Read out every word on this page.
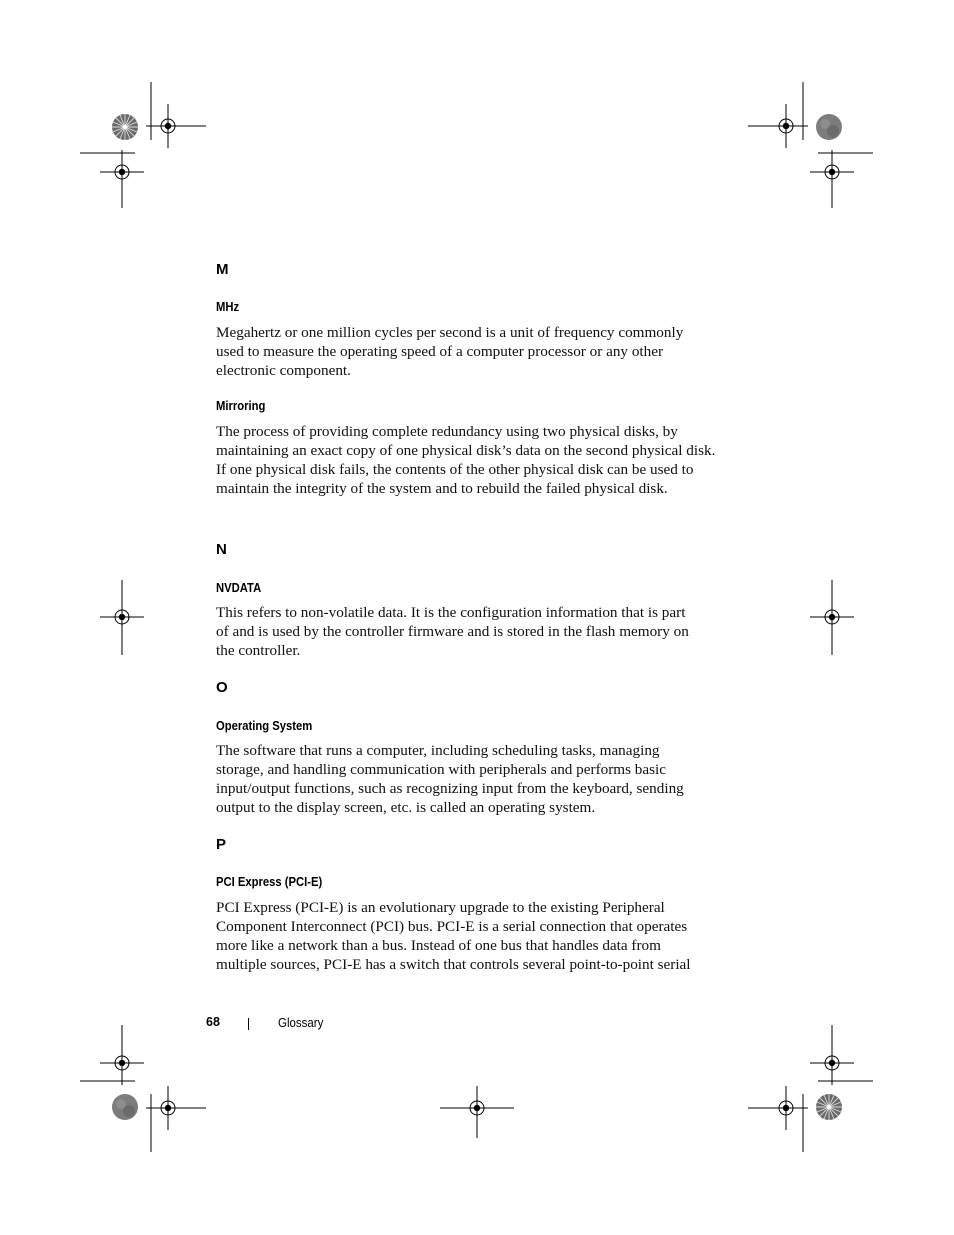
M
MHz
Megahertz or one million cycles per second is a unit of frequency commonly
used to measure the operating speed of a computer processor or any other
electronic component.
Mirroring
The process of providing complete redundancy using two physical disks, by
maintaining an exact copy of one physical disk’s data on the second physical disk.
If one physical disk fails, the contents of the other physical disk can be used to
maintain the integrity of the system and to rebuild the failed physical disk.
N
NVDATA
This refers to non-volatile data. It is the configuration information that is part
of and is used by the controller firmware and is stored in the flash memory on
the controller.
O
Operating System
The software that runs a computer, including scheduling tasks, managing
storage, and handling communication with peripherals and performs basic
input/output functions, such as recognizing input from the keyboard, sending
output to the display screen, etc. is called an operating system.
P
PCI Express (PCI-E)
PCI Express (PCI-E) is an evolutionary upgrade to the existing Peripheral
Component Interconnect (PCI) bus. PCI-E is a serial connection that operates
more like a network than a bus. Instead of one bus that handles data from
multiple sources, PCI-E has a switch that controls several point-to-point serial
68	Glossary
